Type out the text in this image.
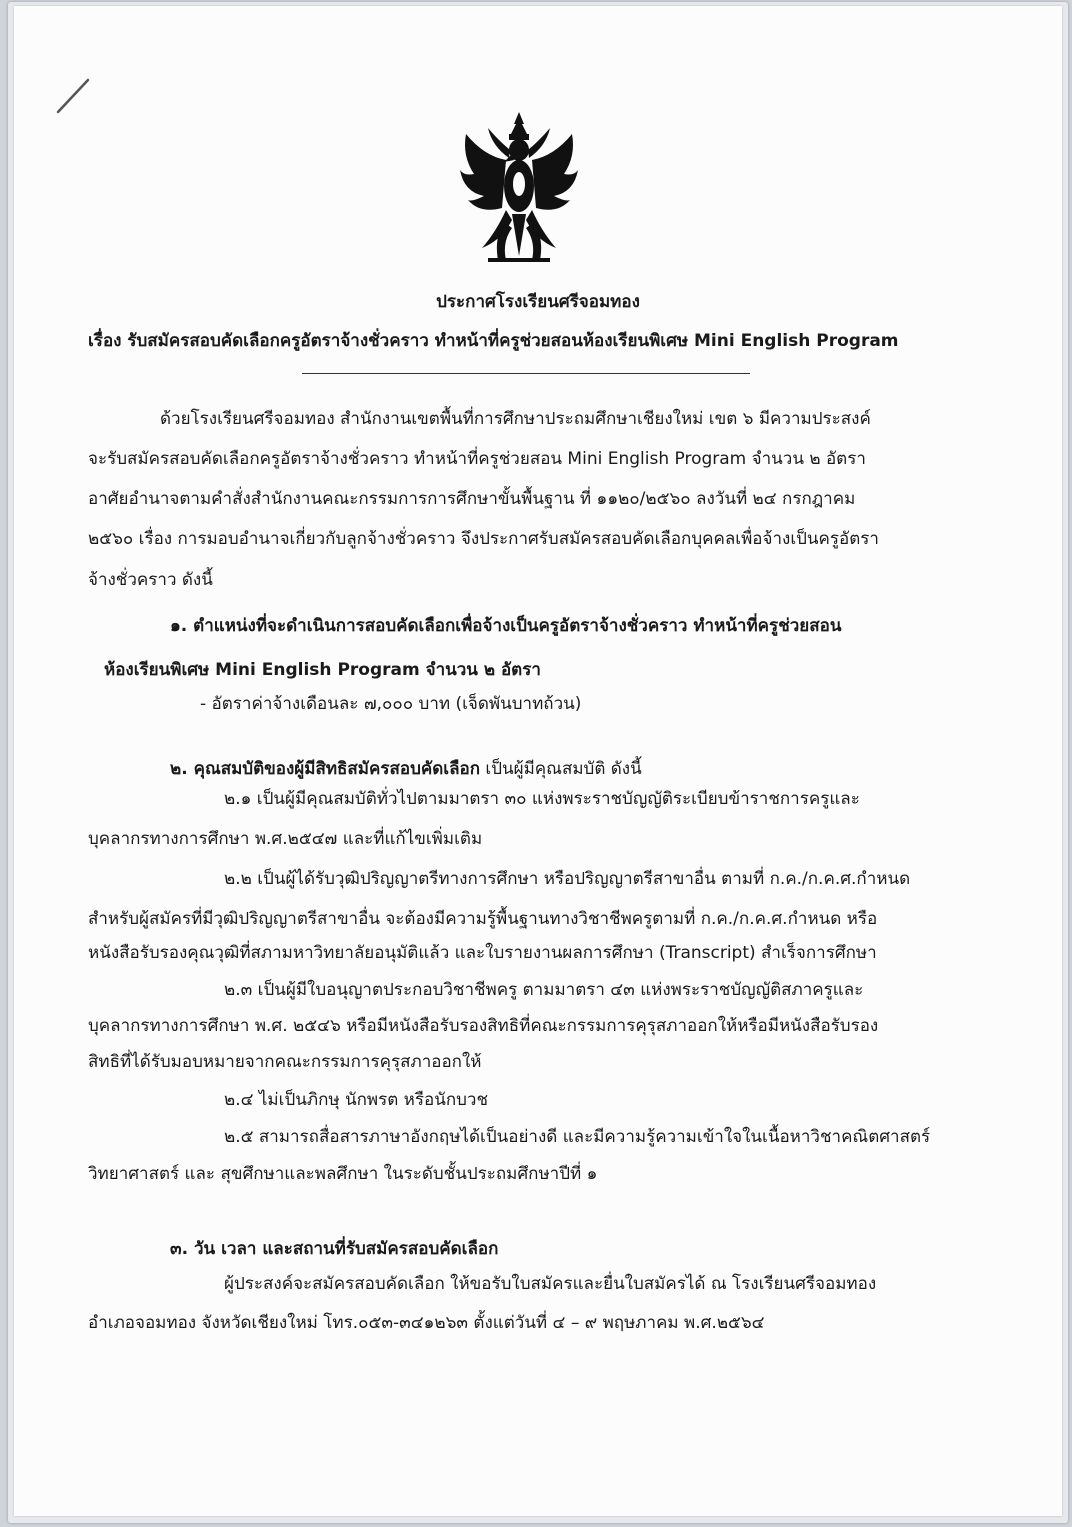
ประกาศโรงเรียนศรีจอมทอง

เรื่อง รับสมัครสอบคัดเลือกครูอัตราจ้างชั่วคราว ทำหน้าที่ครูช่วยสอนห้องเรียนพิเศษ Mini English Program

ด้วยโรงเรียนศรีจอมทอง สำนักงานเขตพื้นที่การศึกษาประถมศึกษาเชียงใหม่ เขต ๖ มีความประสงค์

จะรับสมัครสอบคัดเลือกครูอัตราจ้างชั่วคราว ทำหน้าที่ครูช่วยสอน Mini English Program จำนวน ๒ อัตรา

อาศัยอำนาจตามคำสั่งสำนักงานคณะกรรมการการศึกษาขั้นพื้นฐาน ที่ ๑๑๒๐/๒๕๖๐ ลงวันที่ ๒๔ กรกฎาคม

๒๕๖๐ เรื่อง การมอบอำนาจเกี่ยวกับลูกจ้างชั่วคราว จึงประกาศรับสมัครสอบคัดเลือกบุคคลเพื่อจ้างเป็นครูอัตรา

จ้างชั่วคราว ดังนี้

๑. ตำแหน่งที่จะดำเนินการสอบคัดเลือกเพื่อจ้างเป็นครูอัตราจ้างชั่วคราว ทำหน้าที่ครูช่วยสอน

ห้องเรียนพิเศษ Mini English Program จำนวน ๒ อัตรา

- อัตราค่าจ้างเดือนละ ๗,๐๐๐ บาท (เจ็ดพันบาทถ้วน)

๒. คุณสมบัติของผู้มีสิทธิสมัครสอบคัดเลือก เป็นผู้มีคุณสมบัติ ดังนี้

๒.๑ เป็นผู้มีคุณสมบัติทั่วไปตามมาตรา ๓๐ แห่งพระราชบัญญัติระเบียบข้าราชการครูและ

บุคลากรทางการศึกษา พ.ศ.๒๕๔๗ และที่แก้ไขเพิ่มเติม

๒.๒ เป็นผู้ได้รับวุฒิปริญญาตรีทางการศึกษา หรือปริญญาตรีสาขาอื่น ตามที่ ก.ค./ก.ค.ศ.กำหนด

สำหรับผู้สมัครที่มีวุฒิปริญญาตรีสาขาอื่น จะต้องมีความรู้พื้นฐานทางวิชาชีพครูตามที่ ก.ค./ก.ค.ศ.กำหนด หรือ

หนังสือรับรองคุณวุฒิที่สภามหาวิทยาลัยอนุมัติแล้ว และใบรายงานผลการศึกษา (Transcript) สำเร็จการศึกษา

๒.๓ เป็นผู้มีใบอนุญาตประกอบวิชาชีพครู ตามมาตรา ๔๓ แห่งพระราชบัญญัติสภาครูและ

บุคลากรทางการศึกษา พ.ศ. ๒๕๔๖ หรือมีหนังสือรับรองสิทธิที่คณะกรรมการคุรุสภาออกให้หรือมีหนังสือรับรอง

สิทธิที่ได้รับมอบหมายจากคณะกรรมการคุรุสภาออกให้

๒.๔ ไม่เป็นภิกษุ นักพรต หรือนักบวช

๒.๕ สามารถสื่อสารภาษาอังกฤษได้เป็นอย่างดี และมีความรู้ความเข้าใจในเนื้อหาวิชาคณิตศาสตร์

วิทยาศาสตร์ และ สุขศึกษาและพลศึกษา ในระดับชั้นประถมศึกษาปีที่ ๑

๓. วัน เวลา และสถานที่รับสมัครสอบคัดเลือก

ผู้ประสงค์จะสมัครสอบคัดเลือก ให้ขอรับใบสมัครและยื่นใบสมัครได้ ณ โรงเรียนศรีจอมทอง

อำเภอจอมทอง จังหวัดเชียงใหม่ โทร.๐๕๓-๓๔๑๒๖๓ ตั้งแต่วันที่ ๔ – ๙ พฤษภาคม พ.ศ.๒๕๖๔
